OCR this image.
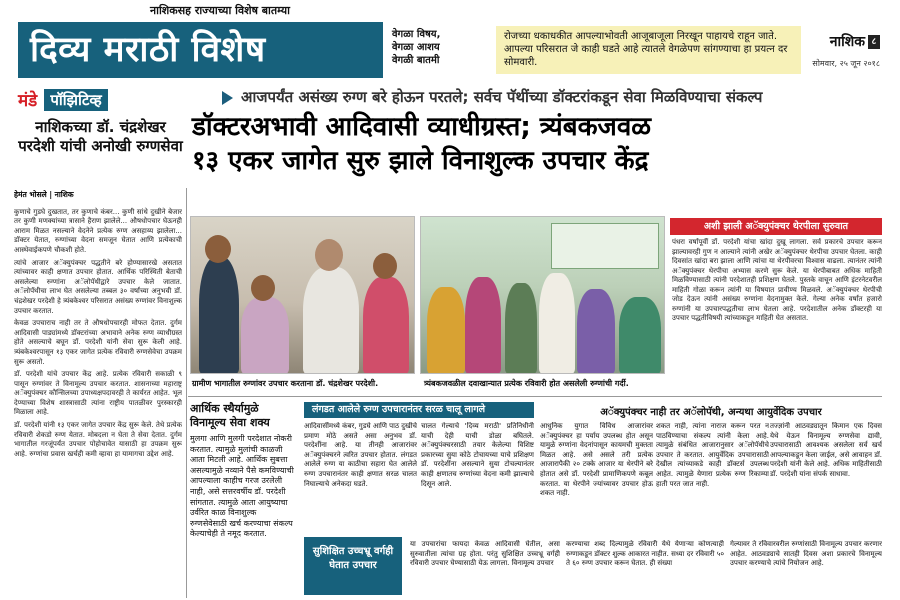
नाशिकसह राज्याच्या विशेष बातम्या
दिव्य मराठी विशेष	वेगळा विषय,
वेगळा आशय
वेगळी बातमी
रोजच्या धकाधकीत आपल्याभोवती आजूबाजूला निरखून पाहायचे राहून जाते. आपल्या परिसरात जे काही घडते आहे त्यातले वेगळेपण सांगण्याचा हा प्रयत्न दर सोमवारी.
नाशिक ८
सोमवार, २५ जून २०१८
मंडे पॉझिटिव्ह
नाशिकच्या डॉ. चंद्रशेखर परदेशी यांची अनोखी रुग्णसेवा
आजपर्यंत असंख्य रुग्ण बरे होऊन परतले; सर्वच पॅथींच्या डॉक्टरांकडून सेवा मिळविण्याचा संकल्प
डॉक्टरअभावी आदिवासी व्याधीग्रस्त; त्र्यंबकजवळ
१३ एकर जागेत सुरु झाले विनाशुल्क उपचार केंद्र
हेमंत भोसले | नाशिक

कुणाचे गुडघे दुखतात, तर कुणाचे कंबर... कुणी सांधे दुखीने बेजार तर कुणी मणक्यांच्या त्रासाने हैराण झालेले... औषधोपचार घेऊनही आराम मिळत नसल्याने वेदनेने प्रत्येक रुग्ण असहाय्य झालेला... डॉक्टर येतात, रुग्णांच्या वेदना समजून घेतात आणि प्रत्येकाची आस्थेवाईकपणे चौकशी होते.

त्यांचे आजार अॅक्युपंक्चर पद्धतीने बरे होण्यासारखे असतात त्यांच्यावर काही क्षणात उपचार होतात. आर्थिक परिस्थिती बेताची असलेल्या रुग्णांना अॅलोपॅथीद्वारे उपचार केले जातात. अॅलोपॅथीचा लाभ घेत असलेल्या तब्बल ३० वर्षांच्या अनुभवी डॉ. चंद्रशेखर परदेशी हे त्र्यंबकेश्वर परिसरात असंख्य रुग्णांवर विनाशुल्क उपचार करतात.

केवळ उपचाराच नाही तर ते औषधोपचारही मोफत देतात. दुर्गम आदिवासी पाड्यांमध्ये डॉक्टरांच्या अभावाने अनेक रुग्ण व्याधीग्रस्त होते असल्याचे बघून डॉ. परदेशी यांनी सेवा सुरू केली आहे. त्र्यंबकेश्वरपासून १३ एकर जागेत प्रत्येक रविवारी रुग्णसेवेचा उपक्रम सुरू असतो.

डॉ. परदेशी यांचे उपचार केंद्र आहे. प्रत्येक रविवारी सकाळी ९ पासून रुग्णांवर ते विनामूल्य उपचार करतात. शासनाच्या महाराष्ट्र अॅक्युपंक्चर कौन्सिलच्या उपाध्यक्षपदावरही ते कार्यरत आहेत. भूल देण्याच्या विशेष शास्त्रासाठी त्यांना राष्ट्रीय पातळीवर पुरस्कारही मिळाला आहे.

डॉ. परदेशी यांनी १३ एकर जागेत उपचार केंद्र सुरू केले. तेथे प्रत्येक रविवारी शेकडो रुग्ण येतात. मोबदला न घेता ते सेवा देतात. दुर्गम भागातील गरजूंपर्यंत उपचार पोहोचावेत यासाठी हा उपक्रम सुरू आहे. रुग्णांचा प्रवास खर्चही कमी व्हावा हा यामागचा उद्देश आहे.

ग्रामीण भागातील रुग्णांवर उपचार करताना डॉ. चंद्रशेखर परदेशी.	त्र्यंबकजवळील दवाखान्यात प्रत्येक रविवारी होत असलेली रुग्णांची गर्दी.
अशी झाली अॅक्युपंक्चर थेरपीला सुरुवात
पंधरा वर्षांपूर्वी डॉ. परदेशी यांचा खांदा दुखू लागला. सर्व प्रकारचे उपचार करून झाल्यावरही गुण न आल्याने त्यांनी अखेर अॅक्युपंक्चर थेरपीचा उपचार घेतला. काही दिवसांत खांदा बरा झाला आणि त्यांचा या थेरपीवरचा विश्वास वाढला. त्यानंतर त्यांनी अॅक्युपंक्चर थेरपीचा अभ्यास करणे सुरू केले. या थेरपीबाबत अधिक माहिती मिळविण्यासाठी त्यांनी परदेशातही प्रशिक्षण घेतले. पुस्तके वाचून आणि इंटरनेटवरील माहिती गोळा करून त्यांनी या विषयात प्रावीण्य मिळवले. अॅक्युपंक्चर थेरपीची जोड देऊन त्यांनी असंख्य रुग्णांना वेदनामुक्त केले. गेल्या अनेक वर्षांत हजारो रुग्णांनी या उपचारपद्धतीचा लाभ घेतला आहे. परदेशातील अनेक डॉक्टरही या उपचार पद्धतीविषयी त्यांच्याकडून माहिती घेत असतात.
आर्थिक स्थैर्यामुळे विनामूल्य सेवा शक्य
मुलगा आणि मुलगी परदेशात नोकरी करतात. त्यामुळे मुलांची काळजी आता मिटली आहे. आर्थिक सुबत्ता असल्यामुळे नव्याने पैसे कमविण्याची आपल्याला काहीच गरज उरलेली नाही, असे सत्तरवर्षीय डॉ. परदेशी सांगतात. त्यामुळे आता आयुष्याचा उर्वरित काळ विनाशुल्क रुग्णसेवेसाठी खर्च करण्याचा संकल्प केल्याचेही ते नमूद करतात.
लंगडत आलेले रुग्ण उपचारानंतर सरळ चालू लागले
आदिवासींमध्ये कंबर, गुडघे आणि पाठ दुखीचे प्रमाण मोठे असते असा अनुभव डॉ. परदेशींना आहे. या तीनही आजारांवर अॅक्युपंक्चरने त्वरित उपचार होतात. लंगडत आलेले रुग्ण या काठीचा सहारा घेत आलेले रुग्ण उपचारानंतर काही क्षणात सरळ चालत निघाल्याचे अनेकदा घडते.
चालत गेल्याचे 'दिव्य मराठी' प्रतिनिधीनी याची देही याची डोळा बघितले. अॅक्युपंक्चरसाठी तयार केलेल्या विशिष्ट प्रकारच्या सुया कोठे टोचायच्या याचे प्रशिक्षण डॉ. परदेशींना असल्याने सुया टोचल्यानंतर काही क्षणातच रुग्णांच्या वेदना कमी झाल्याचे दिसून आले.
अॅक्युपंक्चर नाही तर अॅलोपॅथी, अन्यथा आयुर्वेदिक उपचार
आधुनिक युगात विविध आजारांवर अॅक्युपंक्चर हा पर्याय उपलब्ध होत असून यामुळे रुग्णांना वेदनांपासून कायमची मुक्तता मिळत आहे. असे असले तरी प्रत्येक आजारापैकी २० टक्के आजार या थेरपीने बरे होतात असे डॉ. परदेशी प्रामाणिकपणे कबूल करतात. या थेरपीने ज्यांच्यावर उपचार होऊ शकत नाही.
शकत नाही, त्यांना नाराज करून परत न पाठविण्याचा संकल्प त्यांनी केला आहे. त्यामुळे संबंधित आजारानुसार अॅलोपॅथीचे उपचार ते करतात. आयुर्वेदिक उपचारासाठी देखील त्यांच्याकडे काही डॉक्टर्स उपलब्ध आहेत. त्यामुळे येणारा प्रत्येक रुग्ण रिकाम्या हाती परत जात नाही.
तज्ज्ञांनी आठवड्यातून किमान एक दिवस येथे येऊन विनामूल्य रुग्णसेवा द्यावी, उपचारासाठी आवश्यक असलेला सर्व खर्च आपल्याकडून केला जाईल, असे आवाहन डॉ. परदेशी यांनी केले आहे. अधिक माहितीसाठी डॉ. परदेशी यांना संपर्क साधावा.
सुशिक्षित उच्चभ्रू वर्गही घेतात उपचार
या उपचारांचा फायदा केवळ आदिवासी घेतील, असा सुरुवातीला त्यांचा ग्रह होता. परंतु सुशिक्षित उच्चभ्रू वर्गही रविवारी उपचार घेण्यासाठी येऊ लागला. विनामूल्य उपचार
करण्याचा शब्द दिल्यामुळे रविवारी येथे येणाऱ्या कोणत्याही रुग्णाकडून डॉक्टर शुल्क आकारत नाहीत. सध्या दर रविवारी ५० ते ६० रुग्ण उपचार करून घेतात. ही संख्या
गेल्यावर ते रविवारवरील रुग्णांसाठी विनामूल्य उपचार करणार आहेत. आठवड्याचे सातही दिवस अशा प्रकारचे विनामूल्य उपचार करण्याचे त्यांचे नियोजन आहे.
